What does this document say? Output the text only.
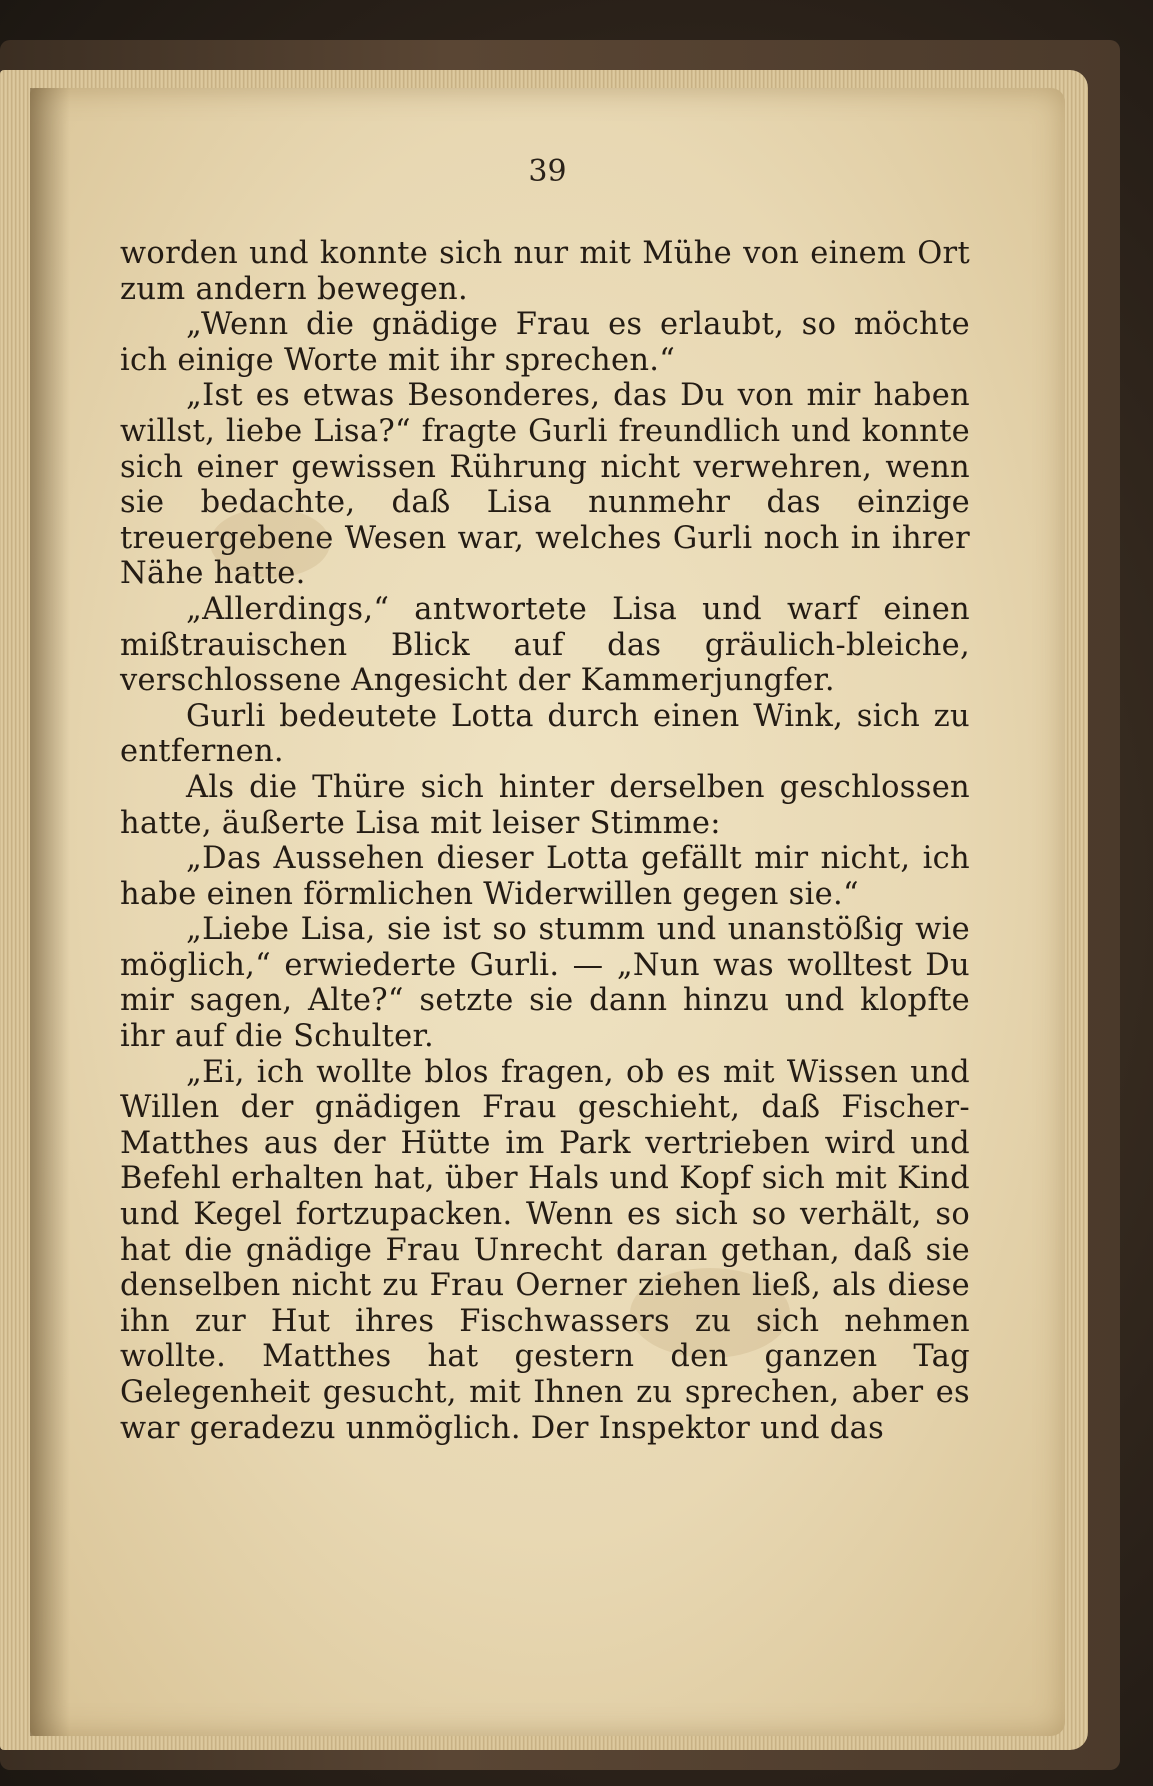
39

worden und konnte sich nur mit Mühe von einem Ort zum andern bewegen.

„Wenn die gnädige Frau es erlaubt, so möchte ich einige Worte mit ihr sprechen.“

„Ist es etwas Besonderes, das Du von mir haben willst, liebe Lisa?“ fragte Gurli freundlich und konnte sich einer gewissen Rührung nicht verwehren, wenn sie bedachte, daß Lisa nunmehr das einzige treuergebene Wesen war, welches Gurli noch in ihrer Nähe hatte.

„Allerdings,“ antwortete Lisa und warf einen mißtrauischen Blick auf das gräulich-bleiche, verschlossene Angesicht der Kammerjungfer.

Gurli bedeutete Lotta durch einen Wink, sich zu entfernen.

Als die Thüre sich hinter derselben geschlossen hatte, äußerte Lisa mit leiser Stimme:

„Das Aussehen dieser Lotta gefällt mir nicht, ich habe einen förmlichen Widerwillen gegen sie.“

„Liebe Lisa, sie ist so stumm und unanstößig wie möglich,“ erwiederte Gurli. — „Nun was wolltest Du mir sagen, Alte?“ setzte sie dann hinzu und klopfte ihr auf die Schulter.

„Ei, ich wollte blos fragen, ob es mit Wissen und Willen der gnädigen Frau geschieht, daß Fischer-Matthes aus der Hütte im Park vertrieben wird und Befehl erhalten hat, über Hals und Kopf sich mit Kind und Kegel fortzupacken. Wenn es sich so verhält, so hat die gnädige Frau Unrecht daran gethan, daß sie denselben nicht zu Frau Oerner ziehen ließ, als diese ihn zur Hut ihres Fischwassers zu sich nehmen wollte. Matthes hat gestern den ganzen Tag Gelegenheit gesucht, mit Ihnen zu sprechen, aber es war geradezu unmöglich. Der Inspektor und das
